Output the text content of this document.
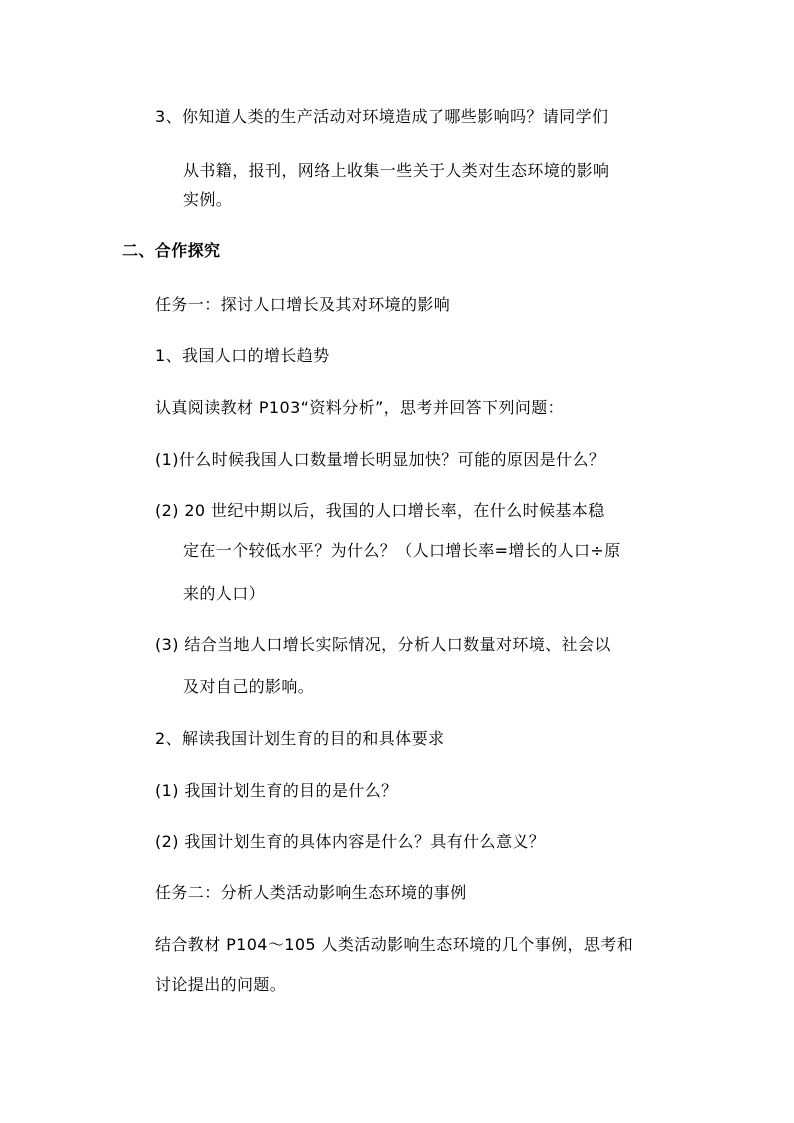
3、你知道人类的生产活动对环境造成了哪些影响吗？请同学们
从书籍，报刊，网络上收集一些关于人类对生态环境的影响
实例。
二、合作探究
任务一：探讨人口增长及其对环境的影响
1、我国人口的增长趋势
认真阅读教材 P103“资料分析”，思考并回答下列问题：
(1)什么时候我国人口数量增长明显加快？可能的原因是什么？
(2) 20 世纪中期以后，我国的人口增长率，在什么时候基本稳
定在一个较低水平？为什么？（人口增长率=增长的人口÷原
来的人口）
(3) 结合当地人口增长实际情况，分析人口数量对环境、社会以
及对自己的影响。
2、解读我国计划生育的目的和具体要求
(1) 我国计划生育的目的是什么？
(2) 我国计划生育的具体内容是什么？具有什么意义？
任务二：分析人类活动影响生态环境的事例
结合教材 P104～105 人类活动影响生态环境的几个事例，思考和
讨论提出的问题。
